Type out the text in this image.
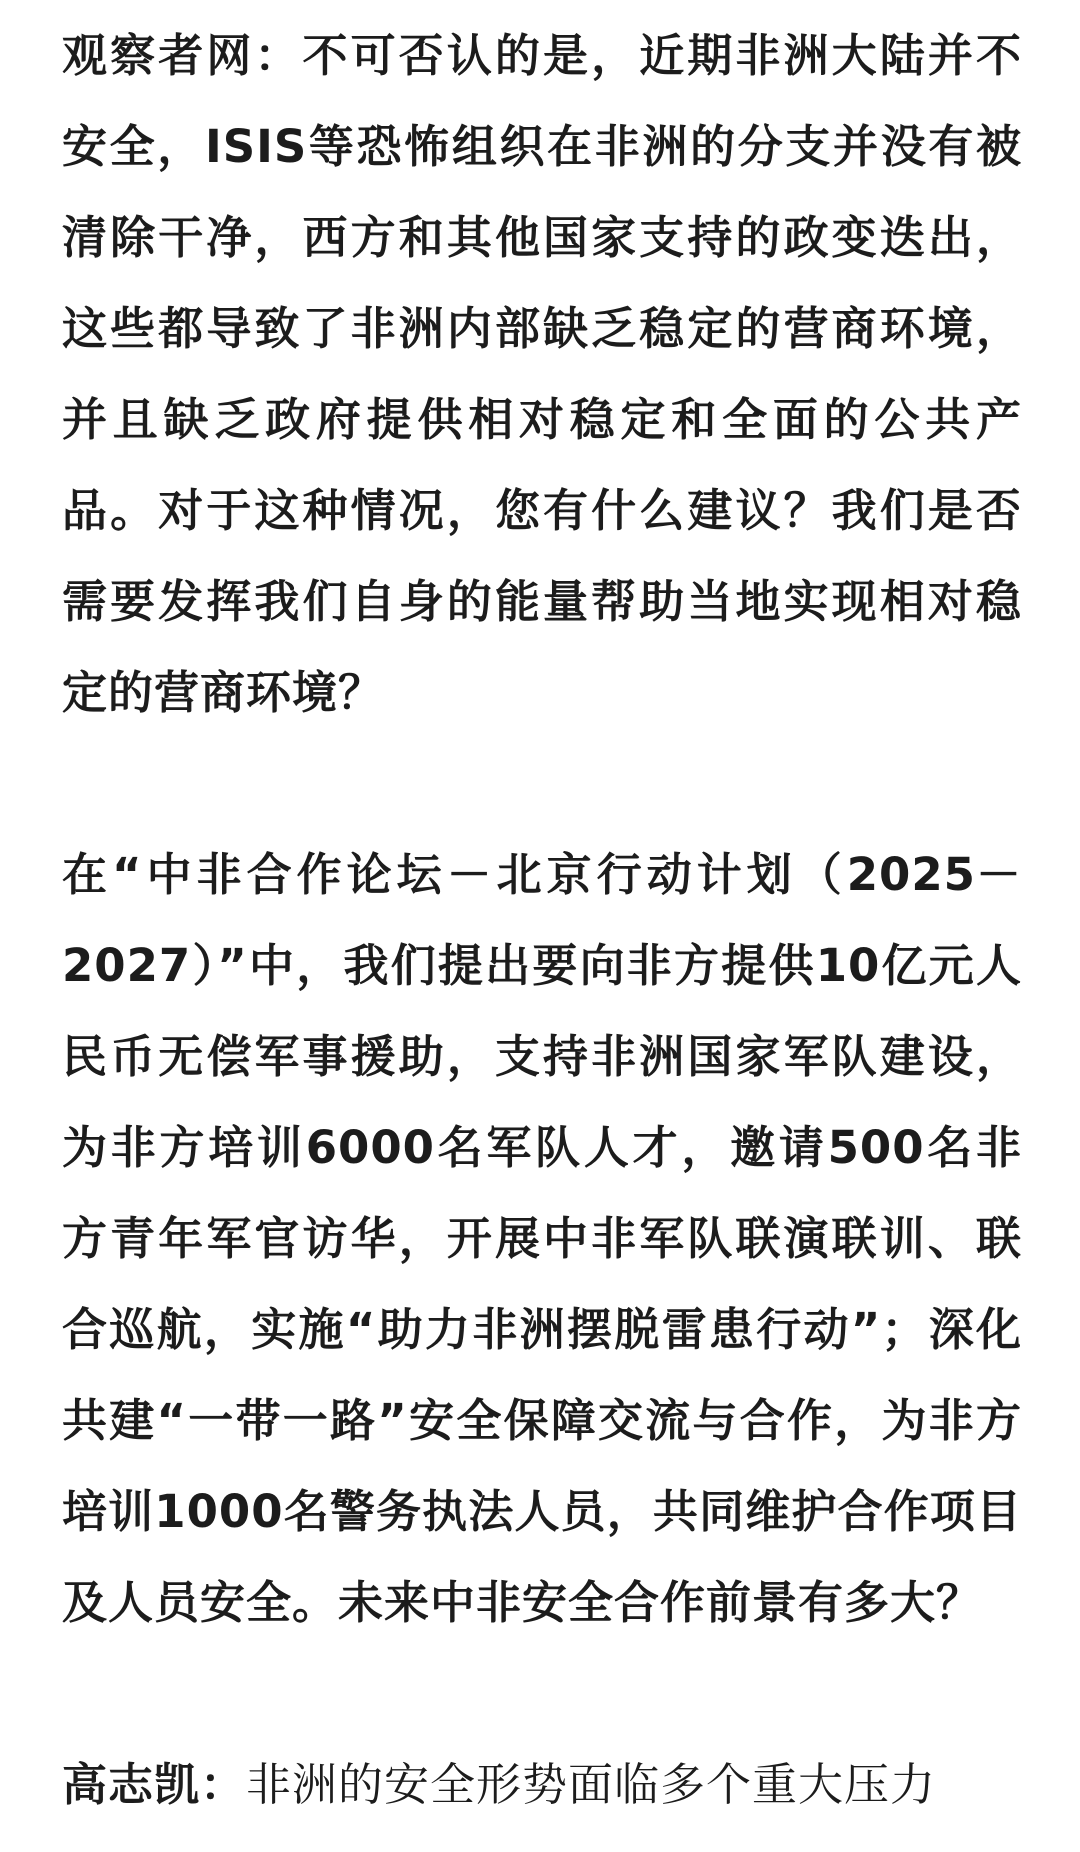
观察者网：不可否认的是，近期非洲大陆并不安全，ISIS等恐怖组织在非洲的分支并没有被清除干净，西方和其他国家支持的政变迭出，这些都导致了非洲内部缺乏稳定的营商环境，并且缺乏政府提供相对稳定和全面的公共产品。对于这种情况，您有什么建议？我们是否需要发挥我们自身的能量帮助当地实现相对稳定的营商环境？

在“中非合作论坛－北京行动计划（2025－2027）”中，我们提出要向非方提供10亿元人民币无偿军事援助，支持非洲国家军队建设，为非方培训6000名军队人才，邀请500名非方青年军官访华，开展中非军队联演联训、联合巡航，实施“助力非洲摆脱雷患行动”；深化共建“一带一路”安全保障交流与合作，为非方培训1000名警务执法人员，共同维护合作项目及人员安全。未来中非安全合作前景有多大？

高志凯：非洲的安全形势面临多个重大压力
